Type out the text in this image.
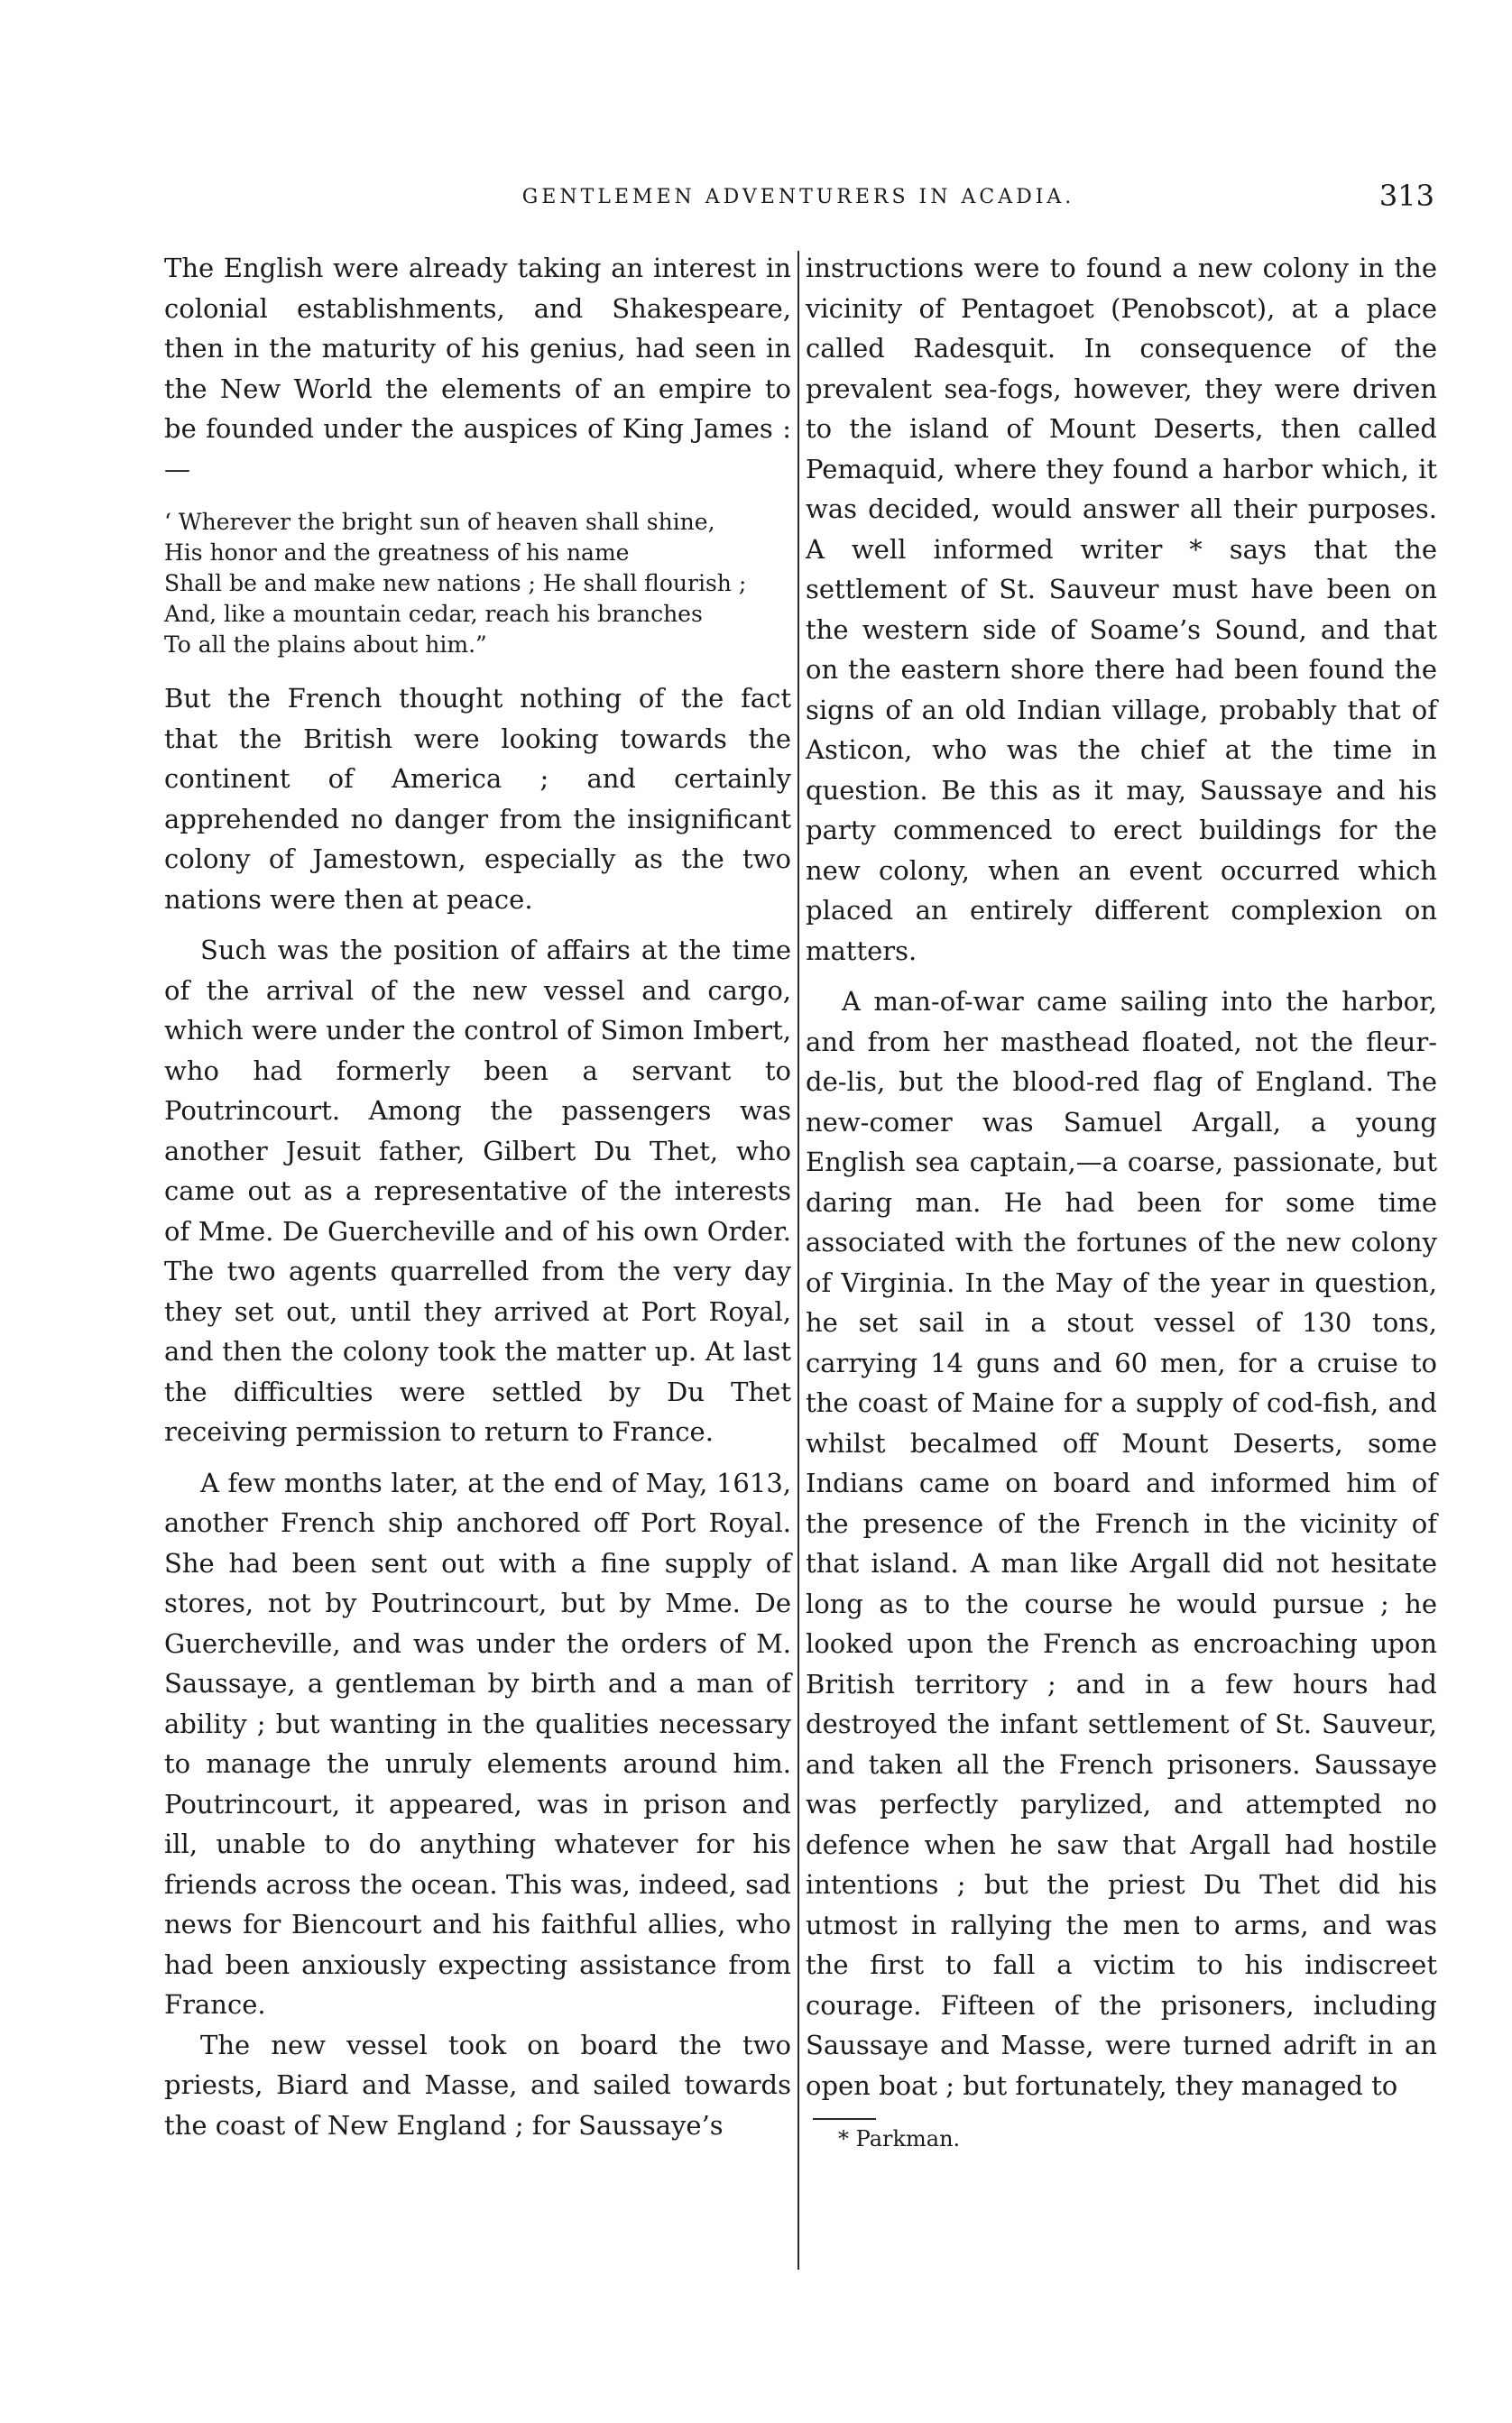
GENTLEMEN ADVENTURERS IN ACADIA.	313

The English were already taking an interest in colonial establishments, and Shakespeare, then in the maturity of his genius, had seen in the New World the elements of an empire to be founded under the auspices of King James :—

‘ Wherever the bright sun of heaven shall shine,
His honor and the greatness of his name
Shall be and make new nations ; He shall flourish ;
And, like a mountain cedar, reach his branches
To all the plains about him.”

But the French thought nothing of the fact that the British were looking towards the continent of America ; and certainly apprehended no danger from the insignificant colony of Jamestown, especially as the two nations were then at peace.

Such was the position of affairs at the time of the arrival of the new vessel and cargo, which were under the control of Simon Imbert, who had formerly been a servant to Poutrincourt. Among the passengers was another Jesuit father, Gilbert Du Thet, who came out as a representative of the interests of Mme. De Guercheville and of his own Order. The two agents quarrelled from the very day they set out, until they arrived at Port Royal, and then the colony took the matter up. At last the difficulties were settled by Du Thet receiving permission to return to France.

A few months later, at the end of May, 1613, another French ship anchored off Port Royal. She had been sent out with a fine supply of stores, not by Poutrincourt, but by Mme. De Guercheville, and was under the orders of M. Saussaye, a gentleman by birth and a man of ability ; but wanting in the qualities necessary to manage the unruly elements around him. Poutrincourt, it appeared, was in prison and ill, unable to do anything whatever for his friends across the ocean. This was, indeed, sad news for Biencourt and his faithful allies, who had been anxiously expecting assistance from France.

The new vessel took on board the two priests, Biard and Masse, and sailed towards the coast of New England ; for Saussaye’s

instructions were to found a new colony in the vicinity of Pentagoet (Penobscot), at a place called Radesquit. In consequence of the prevalent sea-fogs, however, they were driven to the island of Mount Deserts, then called Pemaquid, where they found a harbor which, it was decided, would answer all their purposes. A well informed writer * says that the settlement of St. Sauveur must have been on the western side of Soame’s Sound, and that on the eastern shore there had been found the signs of an old Indian village, probably that of Asticon, who was the chief at the time in question. Be this as it may, Saussaye and his party commenced to erect buildings for the new colony, when an event occurred which placed an entirely different complexion on matters.

A man-of-war came sailing into the harbor, and from her masthead floated, not the fleur-de-lis, but the blood-red flag of England. The new-comer was Samuel Argall, a young English sea captain,—a coarse, passionate, but daring man. He had been for some time associated with the fortunes of the new colony of Virginia. In the May of the year in question, he set sail in a stout vessel of 130 tons, carrying 14 guns and 60 men, for a cruise to the coast of Maine for a supply of cod-fish, and whilst becalmed off Mount Deserts, some Indians came on board and informed him of the presence of the French in the vicinity of that island. A man like Argall did not hesitate long as to the course he would pursue ; he looked upon the French as encroaching upon British territory ; and in a few hours had destroyed the infant settlement of St. Sauveur, and taken all the French prisoners. Saussaye was perfectly parylized, and attempted no defence when he saw that Argall had hostile intentions ; but the priest Du Thet did his utmost in rallying the men to arms, and was the first to fall a victim to his indiscreet courage. Fifteen of the prisoners, including Saussaye and Masse, were turned adrift in an open boat ; but fortunately, they managed to

* Parkman.
